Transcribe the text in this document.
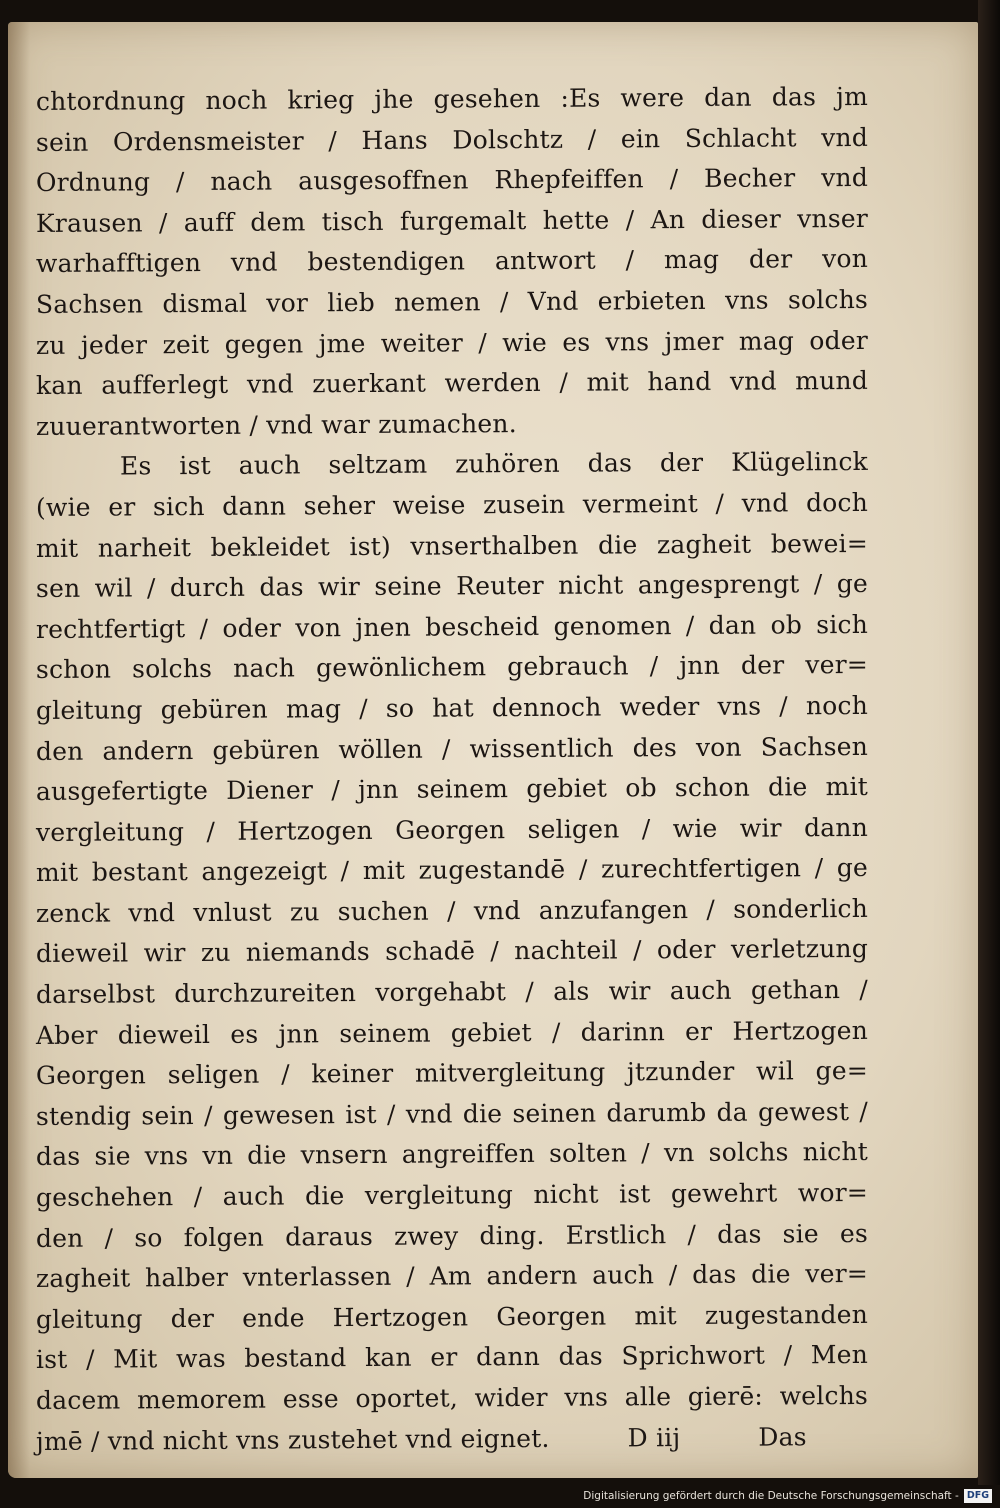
chtordnung noch krieg jhe gesehen :Es were dan das jm
sein Ordensmeister / Hans Dolschtz / ein Schlacht vnd
Ordnung / nach ausgesoffnen Rhepfeiffen / Becher vnd
Krausen / auff dem tisch furgemalt hette / An dieser vnser
warhafftigen vnd bestendigen antwort / mag der von
Sachsen dismal vor lieb nemen / Vnd erbieten vns solchs
zu jeder zeit gegen jme weiter / wie es vns jmer mag oder
kan aufferlegt vnd zuerkant werden / mit hand vnd mund
zuuerantworten / vnd war zumachen.
Es ist auch seltzam zuhören das der Klügelinck
(wie er sich dann seher weise zusein vermeint / vnd doch
mit narheit bekleidet ist) vnserthalben die zagheit bewei=
sen wil / durch das wir seine Reuter nicht angesprengt / ge
rechtfertigt / oder von jnen bescheid genomen / dan ob sich
schon solchs nach gewönlichem gebrauch / jnn der ver=
gleitung gebüren mag / so hat dennoch weder vns / noch
den andern gebüren wöllen / wissentlich des von Sachsen
ausgefertigte Diener / jnn seinem gebiet ob schon die mit
vergleitung / Hertzogen Georgen seligen / wie wir dann
mit bestant angezeigt / mit zugestandē / zurechtfertigen / ge
zenck vnd vnlust zu suchen / vnd anzufangen / sonderlich
dieweil wir zu niemands schadē / nachteil / oder verletzung
darselbst durchzureiten vorgehabt / als wir auch gethan /
Aber dieweil es jnn seinem gebiet / darinn er Hertzogen
Georgen seligen / keiner mitvergleitung jtzunder wil ge=
stendig sein / gewesen ist / vnd die seinen darumb da gewest /
das sie vns vn die vnsern angreiffen solten / vn solchs nicht
geschehen / auch die vergleitung nicht ist gewehrt wor=
den / so folgen daraus zwey ding. Erstlich / das sie es
zagheit halber vnterlassen / Am andern auch / das die ver=
gleitung der ende Hertzogen Georgen mit zugestanden
ist / Mit was bestand kan er dann das Sprichwort / Men
dacem memorem esse oportet, wider vns alle gierē: welchs
jmē / vnd nicht vns zustehet vnd eignet.	D iij	Das
Digitalisierung gefördert durch die Deutsche Forschungsgemeinschaft - DFG
